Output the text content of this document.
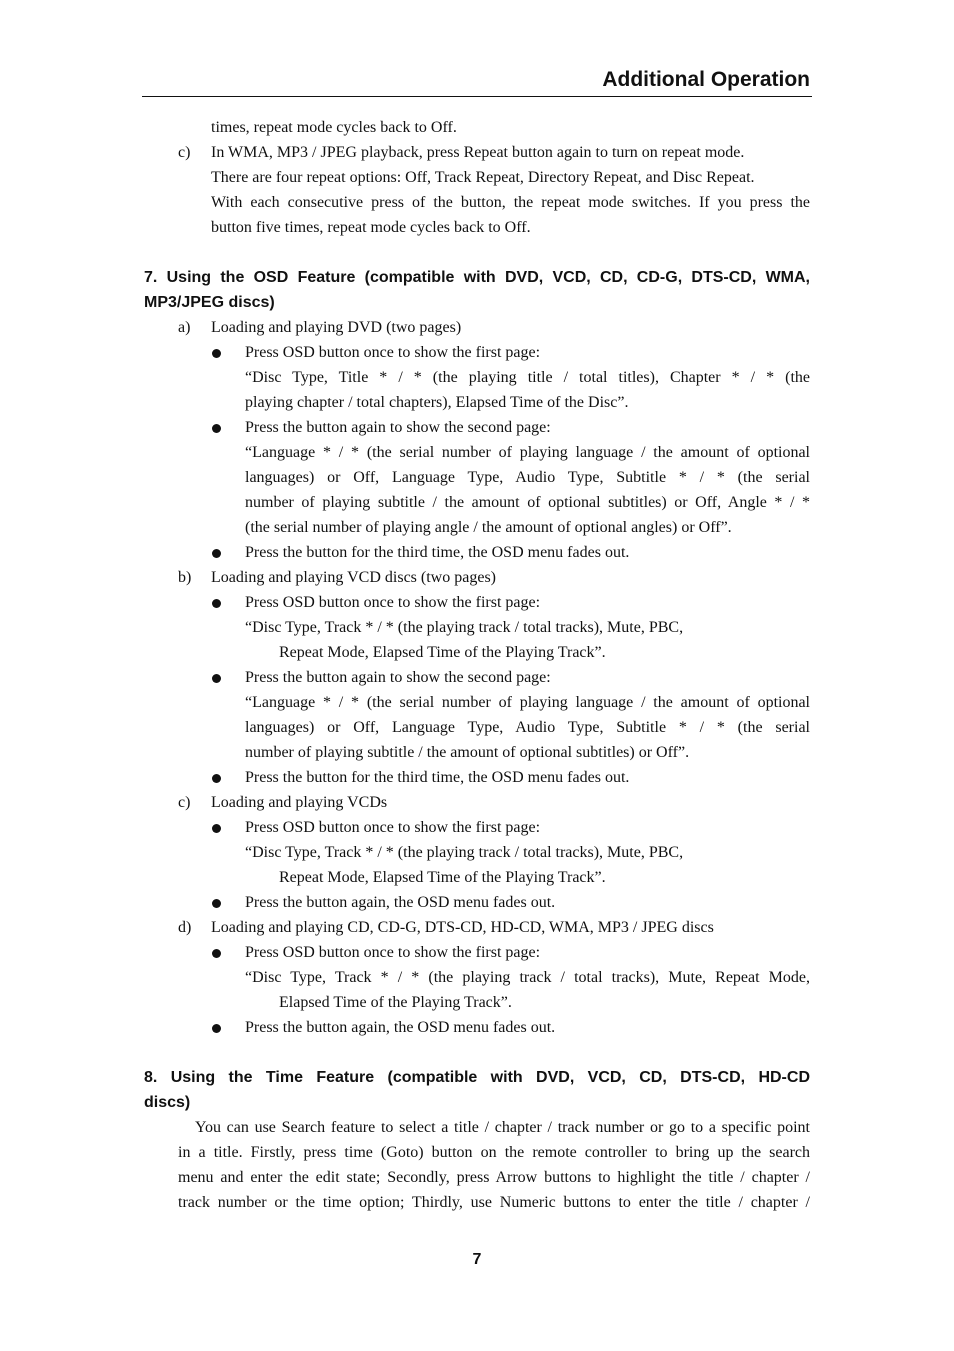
Additional Operation
times, repeat mode cycles back to Off.
c) In WMA, MP3 / JPEG playback, press Repeat button again to turn on repeat mode.
There are four repeat options: Off, Track Repeat, Directory Repeat, and Disc Repeat.
With each consecutive press of the button, the repeat mode switches. If you press the
button five times, repeat mode cycles back to Off.
7. Using the OSD Feature (compatible with DVD, VCD, CD, CD-G, DTS-CD, WMA,
MP3/JPEG discs)
a) Loading and playing DVD (two pages)
Press OSD button once to show the first page:
“Disc Type, Title * / * (the playing title / total titles), Chapter * / * (the
playing chapter / total chapters), Elapsed Time of the Disc”.
Press the button again to show the second page:
“Language * / * (the serial number of playing language / the amount of optional
languages) or Off, Language Type, Audio Type, Subtitle * / * (the serial
number of playing subtitle / the amount of optional subtitles) or Off, Angle * / *
(the serial number of playing angle / the amount of optional angles) or Off”.
Press the button for the third time, the OSD menu fades out.
b) Loading and playing VCD discs (two pages)
Press OSD button once to show the first page:
“Disc Type, Track * / * (the playing track / total tracks), Mute, PBC,
Repeat Mode, Elapsed Time of the Playing Track”.
Press the button again to show the second page:
“Language * / * (the serial number of playing language / the amount of optional
languages) or Off, Language Type, Audio Type, Subtitle * / * (the serial
number of playing subtitle / the amount of optional subtitles) or Off”.
Press the button for the third time, the OSD menu fades out.
c) Loading and playing VCDs
Press OSD button once to show the first page:
“Disc Type, Track * / * (the playing track / total tracks), Mute, PBC,
Repeat Mode, Elapsed Time of the Playing Track”.
Press the button again, the OSD menu fades out.
d) Loading and playing CD, CD-G, DTS-CD, HD-CD, WMA, MP3 / JPEG discs
Press OSD button once to show the first page:
“Disc Type, Track * / * (the playing track / total tracks), Mute, Repeat Mode,
Elapsed Time of the Playing Track”.
Press the button again, the OSD menu fades out.
8. Using the Time Feature (compatible with DVD, VCD, CD, DTS-CD, HD-CD
discs)
You can use Search feature to select a title / chapter / track number or go to a specific point
in a title. Firstly, press time (Goto) button on the remote controller to bring up the search
menu and enter the edit state; Secondly, press Arrow buttons to highlight the title / chapter /
track number or the time option; Thirdly, use Numeric buttons to enter the title / chapter /
7
